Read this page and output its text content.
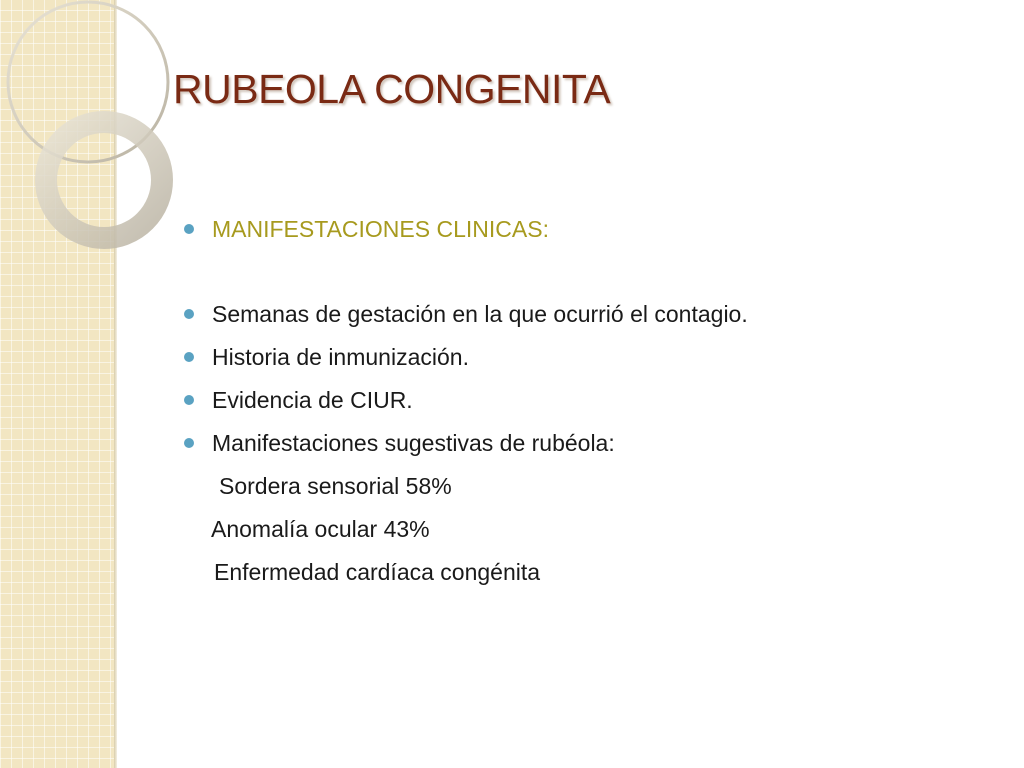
RUBEOLA CONGENITA
MANIFESTACIONES CLINICAS:
Semanas de gestación en la que ocurrió el contagio.
Historia de inmunización.
Evidencia de CIUR.
Manifestaciones sugestivas de rubéola:
Sordera sensorial 58%
Anomalía ocular 43%
Enfermedad cardíaca congénita
